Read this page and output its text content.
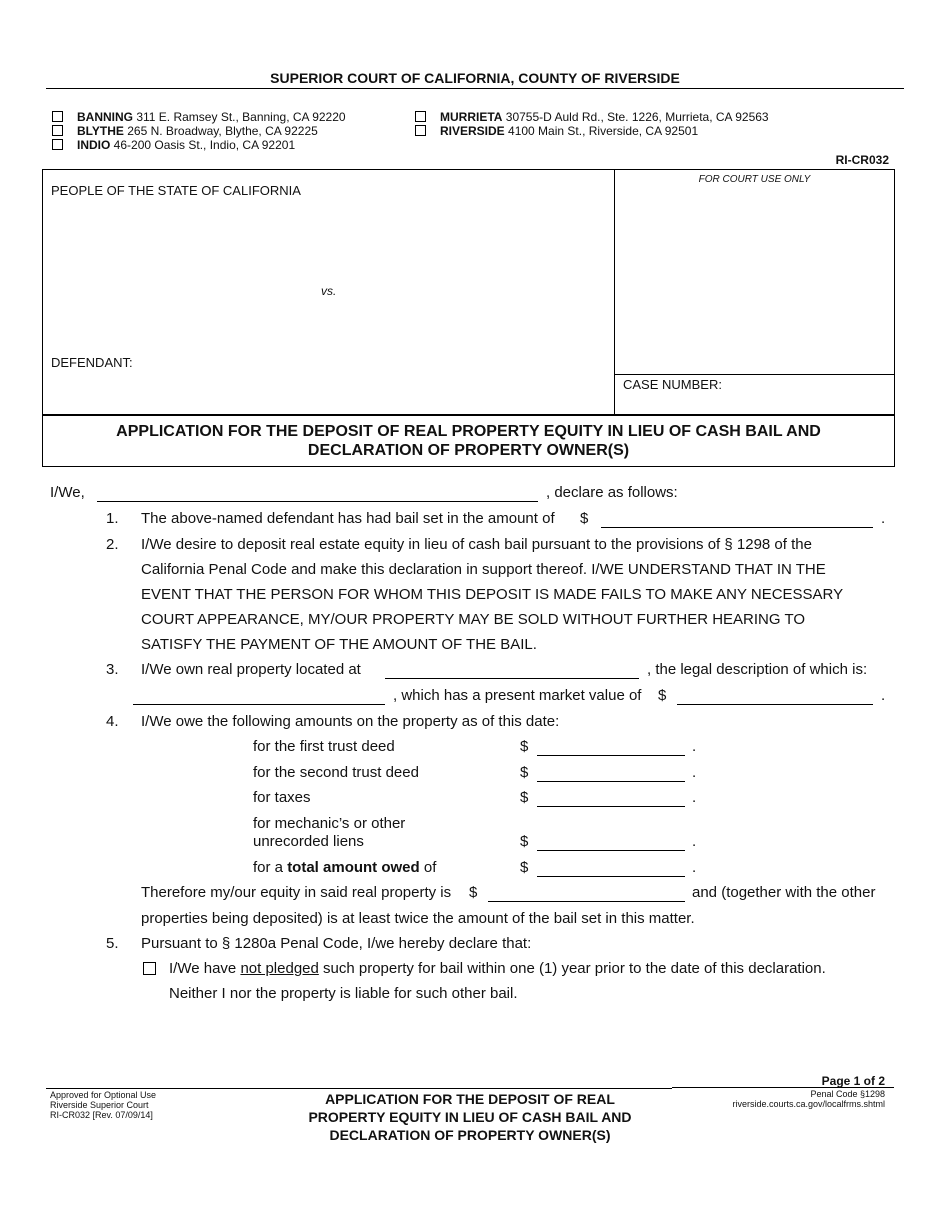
SUPERIOR COURT OF CALIFORNIA, COUNTY OF RIVERSIDE
BANNING 311 E. Ramsey St., Banning, CA 92220
BLYTHE 265 N. Broadway, Blythe, CA 92225
INDIO 46-200 Oasis St., Indio, CA 92201
MURRIETA 30755-D Auld Rd., Ste. 1226, Murrieta, CA 92563
RIVERSIDE 4100 Main St., Riverside, CA 92501
RI-CR032
PEOPLE OF THE STATE OF CALIFORNIA
vs.
DEFENDANT:
FOR COURT USE ONLY
CASE NUMBER:
APPLICATION FOR THE DEPOSIT OF REAL PROPERTY EQUITY IN LIEU OF CASH BAIL AND
DECLARATION OF PROPERTY OWNER(S)
I/We,	, declare as follows:
1. The above-named defendant has had bail set in the amount of $	.
2. I/We desire to deposit real estate equity in lieu of cash bail pursuant to the provisions of § 1298 of the
California Penal Code and make this declaration in support thereof. I/WE UNDERSTAND THAT IN THE
EVENT THAT THE PERSON FOR WHOM THIS DEPOSIT IS MADE FAILS TO MAKE ANY NECESSARY
COURT APPEARANCE, MY/OUR PROPERTY MAY BE SOLD WITHOUT FURTHER HEARING TO
SATISFY THE PAYMENT OF THE AMOUNT OF THE BAIL.
3. I/We own real property located at	, the legal description of which is:
, which has a present market value of $	.
4. I/We owe the following amounts on the property as of this date:
for the first trust deed	$	.
for the second trust deed	$	.
for taxes	$	.
for mechanic’s or other
unrecorded liens	$	.
for a total amount owed of	$	.
Therefore my/our equity in said real property is $	and (together with the other
properties being deposited) is at least twice the amount of the bail set in this matter.
5. Pursuant to § 1280a Penal Code, I/we hereby declare that:
I/We have not pledged such property for bail within one (1) year prior to the date of this declaration.
Neither I nor the property is liable for such other bail.
Approved for Optional Use
Riverside Superior Court
RI-CR032 [Rev. 07/09/14]
APPLICATION FOR THE DEPOSIT OF REAL
PROPERTY EQUITY IN LIEU OF CASH BAIL AND
DECLARATION OF PROPERTY OWNER(S)
Page 1 of 2
Penal Code §1298
riverside.courts.ca.gov/localfrms.shtml
